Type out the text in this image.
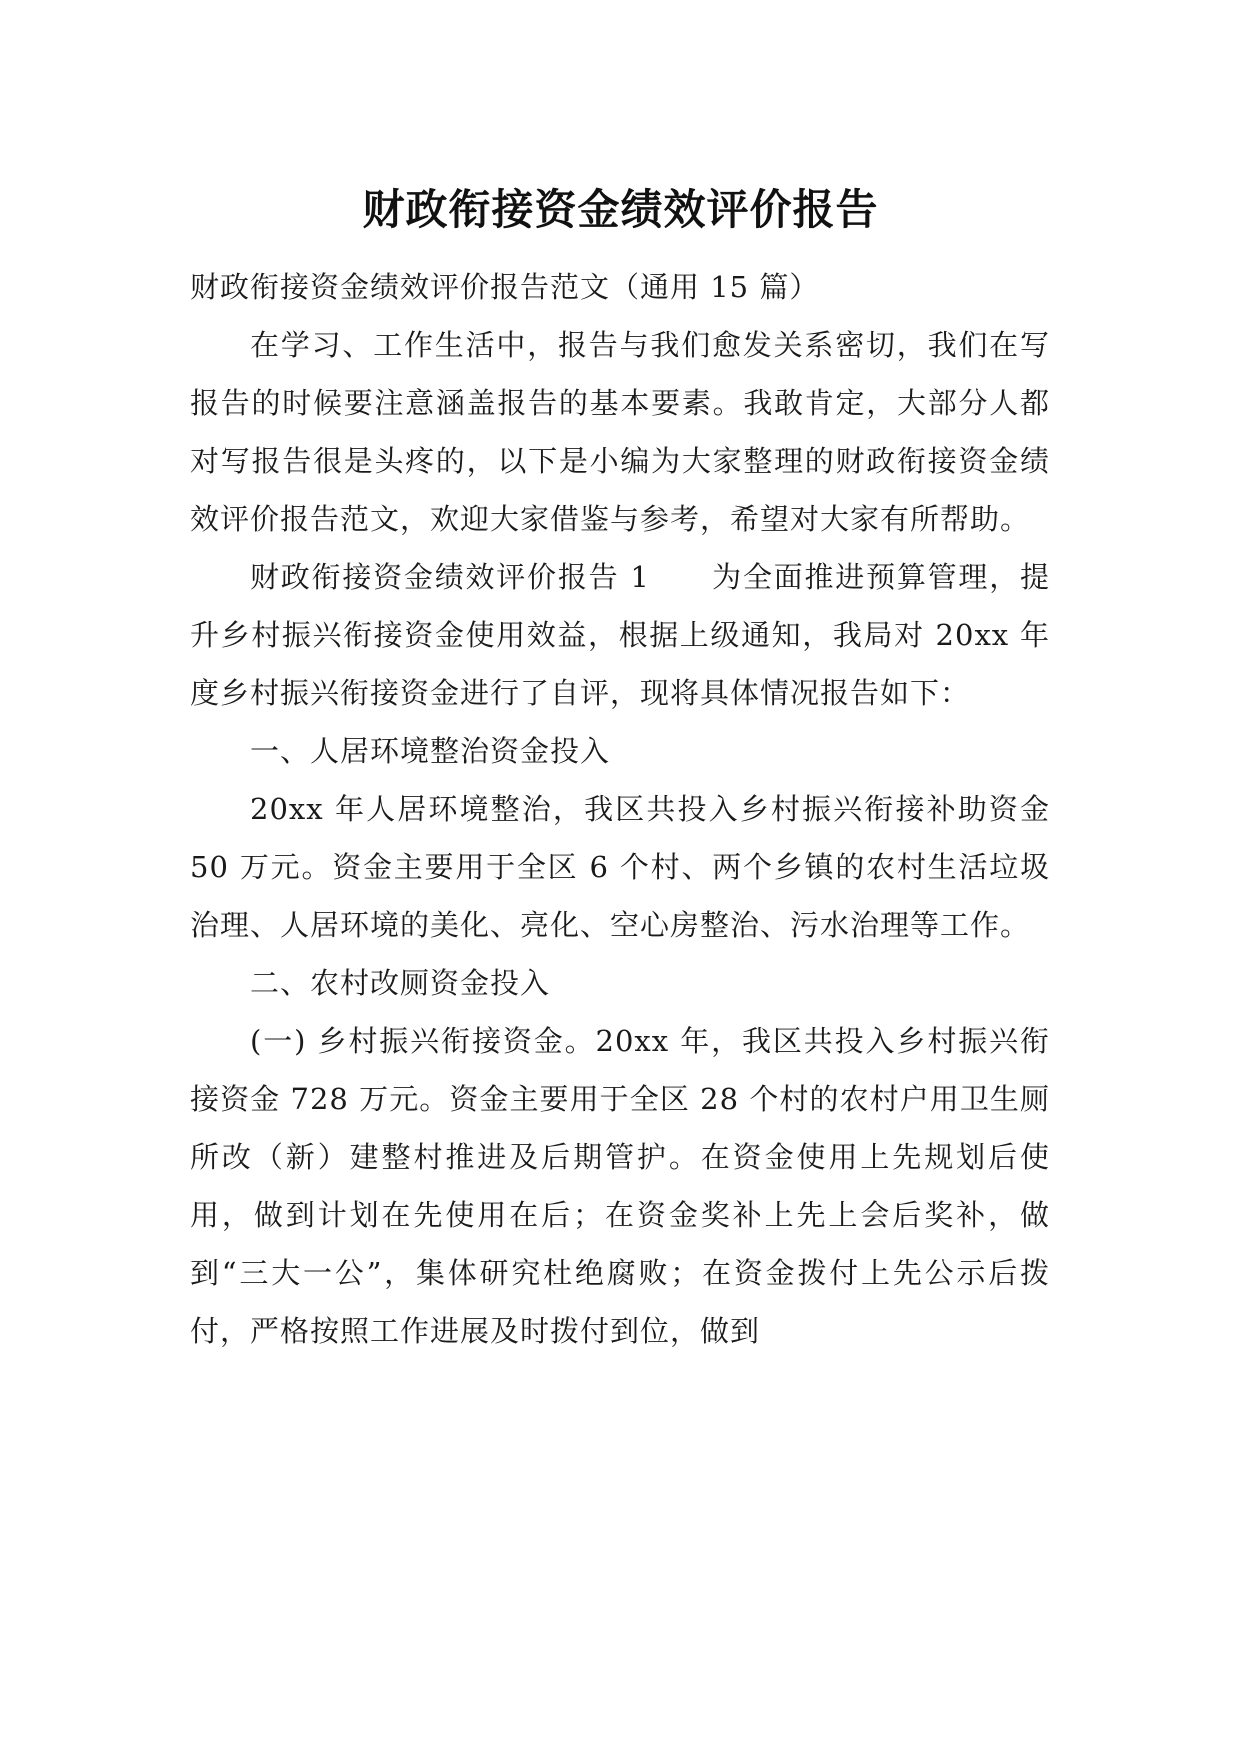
财政衔接资金绩效评价报告

财政衔接资金绩效评价报告范文（通用 15 篇）

在学习、工作生活中，报告与我们愈发关系密切，我们在写报告的时候要注意涵盖报告的基本要素。我敢肯定，大部分人都对写报告很是头疼的，以下是小编为大家整理的财政衔接资金绩效评价报告范文，欢迎大家借鉴与参考，希望对大家有所帮助。

财政衔接资金绩效评价报告 1　　为全面推进预算管理，提升乡村振兴衔接资金使用效益，根据上级通知，我局对 20xx 年度乡村振兴衔接资金进行了自评，现将具体情况报告如下：

一、人居环境整治资金投入

20xx 年人居环境整治，我区共投入乡村振兴衔接补助资金 50 万元。资金主要用于全区 6 个村、两个乡镇的农村生活垃圾治理、人居环境的美化、亮化、空心房整治、污水治理等工作。

二、农村改厕资金投入

(一) 乡村振兴衔接资金。20xx 年，我区共投入乡村振兴衔接资金 728 万元。资金主要用于全区 28 个村的农村户用卫生厕所改（新）建整村推进及后期管护。在资金使用上先规划后使用，做到计划在先使用在后；在资金奖补上先上会后奖补，做到“三大一公”，集体研究杜绝腐败；在资金拨付上先公示后拨付，严格按照工作进展及时拨付到位，做到
